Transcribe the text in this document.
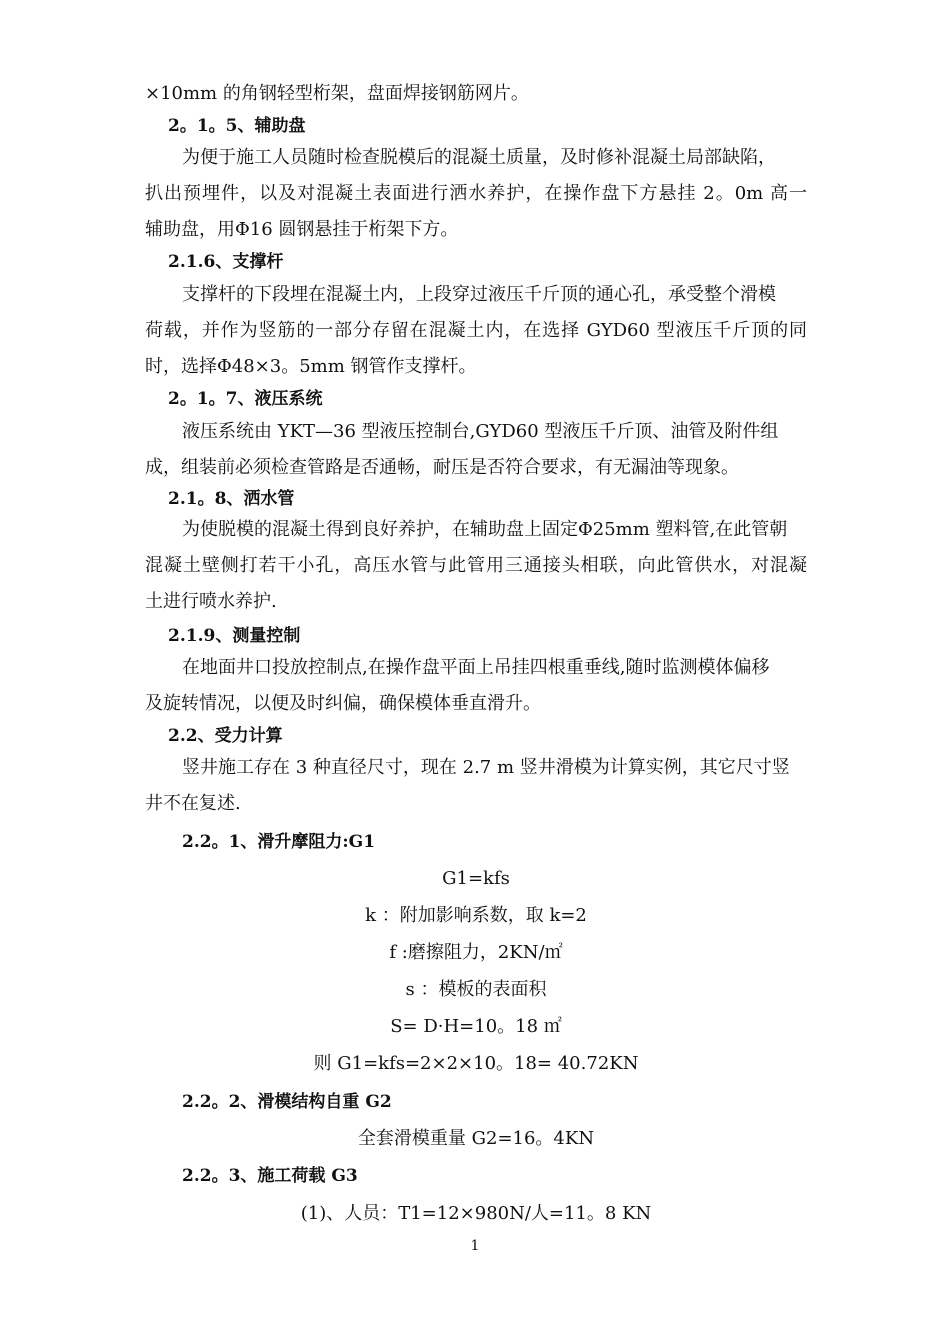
×10mm 的角钢轻型桁架，盘面焊接钢筋网片。
2。1。5、辅助盘
为便于施工人员随时检查脱模后的混凝土质量，及时修补混凝土局部缺陷，
扒出预埋件，以及对混凝土表面进行洒水养护，在操作盘下方悬挂 2。0m 高一
辅助盘，用Φ16 圆钢悬挂于桁架下方。
2.1.6、支撑杆
支撑杆的下段埋在混凝土内，上段穿过液压千斤顶的通心孔，承受整个滑模
荷载，并作为竖筋的一部分存留在混凝土内，在选择 GYD60 型液压千斤顶的同
时，选择Φ48×3。5mm 钢管作支撑杆。
2。1。7、液压系统
液压系统由 YKT—36 型液压控制台,GYD60 型液压千斤顶、油管及附件组
成，组装前必须检查管路是否通畅，耐压是否符合要求，有无漏油等现象。
2.1。8、洒水管
为使脱模的混凝土得到良好养护，在辅助盘上固定Φ25mm 塑料管,在此管朝
混凝土壁侧打若干小孔，高压水管与此管用三通接头相联，向此管供水，对混凝
土进行喷水养护.
2.1.9、测量控制
在地面井口投放控制点,在操作盘平面上吊挂四根重垂线,随时监测模体偏移
及旋转情况，以便及时纠偏，确保模体垂直滑升。
2.2、受力计算
竖井施工存在 3 种直径尺寸，现在 2.7 m 竖井滑模为计算实例，其它尺寸竖
井不在复述.
2.2。1、滑升摩阻力:G1
G1=kfs
k ：附加影响系数，取 k=2
f :磨擦阻力，2KN/㎡
s ：模板的表面积
S= D·H=10。18 ㎡
则 G1=kfs=2×2×10。18= 40.72KN
2.2。2、滑模结构自重 G2
全套滑模重量 G2=16。4KN
2.2。3、施工荷载 G3
(1)、人员：T1=12×980N/人=11。8 KN
1
